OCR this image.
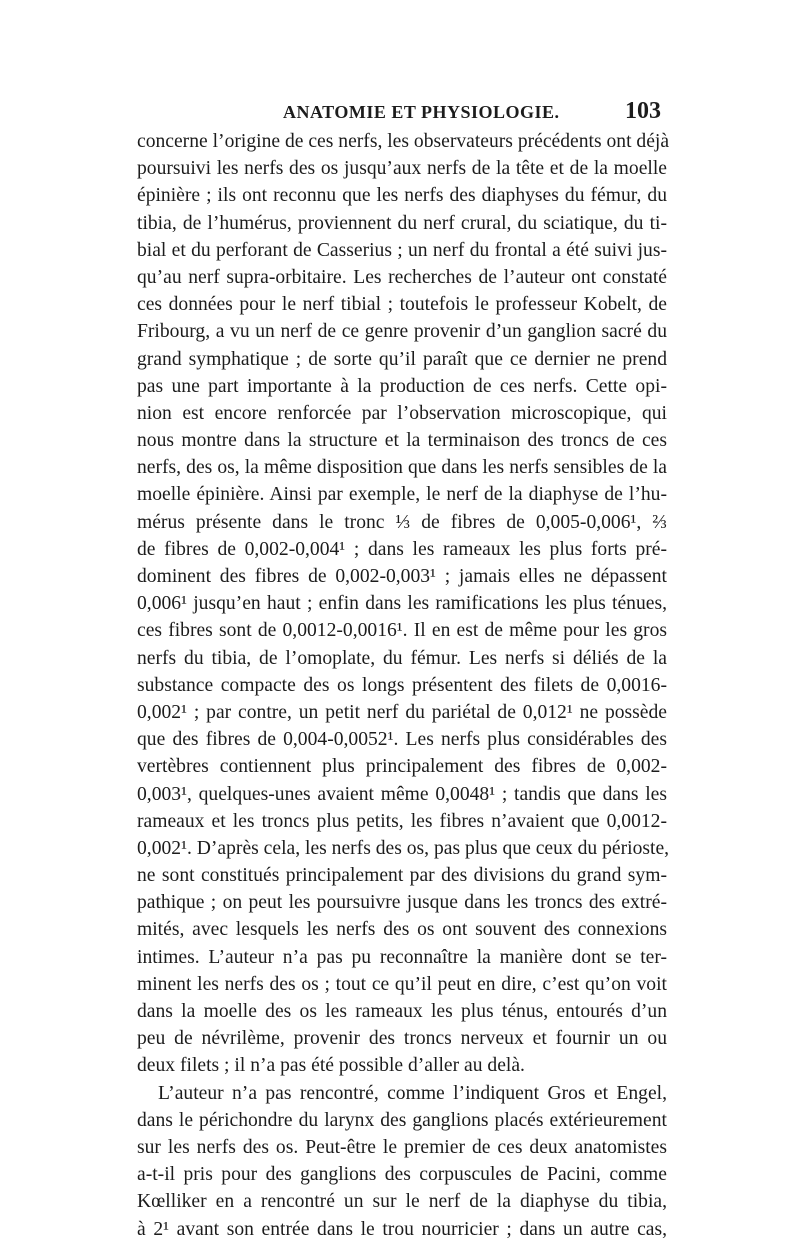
ANATOMIE ET PHYSIOLOGIE.	103
concerne l’origine de ces nerfs, les observateurs précédents ont déjà
poursuivi les nerfs des os jusqu’aux nerfs de la tête et de la moelle
épinière ; ils ont reconnu que les nerfs des diaphyses du fémur, du
tibia, de l’humérus, proviennent du nerf crural, du sciatique, du ti-
bial et du perforant de Casserius ; un nerf du frontal a été suivi jus-
qu’au nerf supra-orbitaire. Les recherches de l’auteur ont constaté
ces données pour le nerf tibial ; toutefois le professeur Kobelt, de
Fribourg, a vu un nerf de ce genre provenir d’un ganglion sacré du
grand symphatique ; de sorte qu’il paraît que ce dernier ne prend
pas une part importante à la production de ces nerfs. Cette opi-
nion est encore renforcée par l’observation microscopique, qui
nous montre dans la structure et la terminaison des troncs de ces
nerfs, des os, la même disposition que dans les nerfs sensibles de la
moelle épinière. Ainsi par exemple, le nerf de la diaphyse de l’hu-
mérus présente dans le tronc ⅓ de fibres de 0,005-0,006¹, ⅔
de fibres de 0,002-0,004¹ ; dans les rameaux les plus forts pré-
dominent des fibres de 0,002-0,003¹ ; jamais elles ne dépassent
0,006¹ jusqu’en haut ; enfin dans les ramifications les plus ténues,
ces fibres sont de 0,0012-0,0016¹. Il en est de même pour les gros
nerfs du tibia, de l’omoplate, du fémur. Les nerfs si déliés de la
substance compacte des os longs présentent des filets de 0,0016-
0,002¹ ; par contre, un petit nerf du pariétal de 0,012¹ ne possède
que des fibres de 0,004-0,0052¹. Les nerfs plus considérables des
vertèbres contiennent plus principalement des fibres de 0,002-
0,003¹, quelques-unes avaient même 0,0048¹ ; tandis que dans les
rameaux et les troncs plus petits, les fibres n’avaient que 0,0012-
0,002¹. D’après cela, les nerfs des os, pas plus que ceux du périoste,
ne sont constitués principalement par des divisions du grand sym-
pathique ; on peut les poursuivre jusque dans les troncs des extré-
mités, avec lesquels les nerfs des os ont souvent des connexions
intimes. L’auteur n’a pas pu reconnaître la manière dont se ter-
minent les nerfs des os ; tout ce qu’il peut en dire, c’est qu’on voit
dans la moelle des os les rameaux les plus ténus, entourés d’un
peu de névrilème, provenir des troncs nerveux et fournir un ou
deux filets ; il n’a pas été possible d’aller au delà.
L’auteur n’a pas rencontré, comme l’indiquent Gros et Engel,
dans le périchondre du larynx des ganglions placés extérieurement
sur les nerfs des os. Peut-être le premier de ces deux anatomistes
a-t-il pris pour des ganglions des corpuscules de Pacini, comme
Kœlliker en a rencontré un sur le nerf de la diaphyse du tibia,
à 2¹ avant son entrée dans le trou nourricier ; dans un autre cas,
